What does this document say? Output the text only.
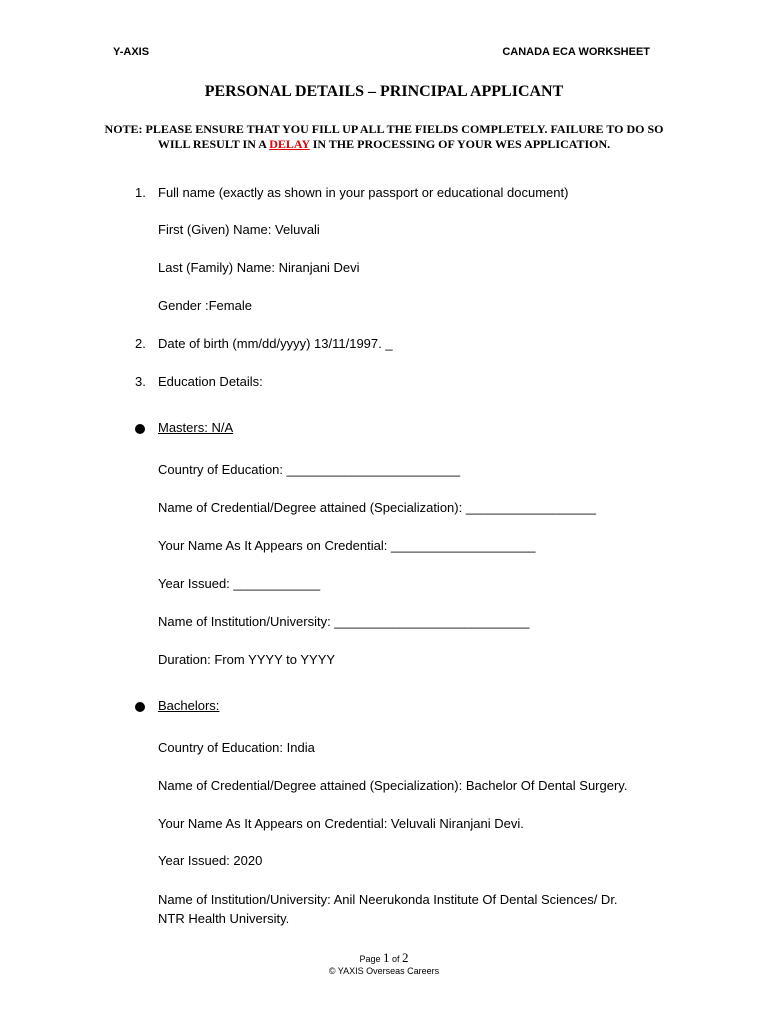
Y-AXIS	CANADA ECA WORKSHEET
PERSONAL DETAILS – PRINCIPAL APPLICANT
NOTE: PLEASE ENSURE THAT YOU FILL UP ALL THE FIELDS COMPLETELY. FAILURE TO DO SO
WILL RESULT IN A DELAY IN THE PROCESSING OF YOUR WES APPLICATION.
1. Full name (exactly as shown in your passport or educational document)
First (Given) Name: Veluvali
Last (Family) Name: Niranjani Devi
Gender :Female
2. Date of birth (mm/dd/yyyy) 13/11/1997. _
3. Education Details:
Masters: N/A
Country of Education: ________________________
Name of Credential/Degree attained (Specialization): __________________
Your Name As It Appears on Credential: ____________________
Year Issued: ____________
Name of Institution/University: ___________________________
Duration: From YYYY to YYYY
Bachelors:
Country of Education: India
Name of Credential/Degree attained (Specialization): Bachelor Of Dental Surgery.
Your Name As It Appears on Credential: Veluvali Niranjani Devi.
Year Issued: 2020
Name of Institution/University: Anil Neerukonda Institute Of Dental Sciences/ Dr.
NTR Health University.
Page 1 of 2
© YAXIS Overseas Careers
